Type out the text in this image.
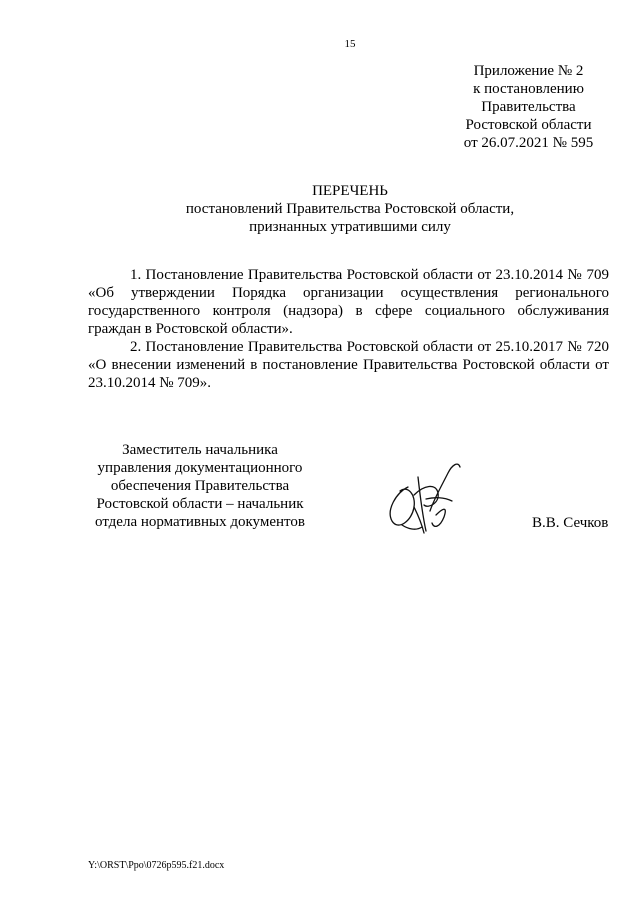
15
Приложение № 2
к постановлению
Правительства
Ростовской области
от 26.07.2021 № 595
ПЕРЕЧЕНЬ
постановлений Правительства Ростовской области,
признанных утратившими силу

1. Постановление Правительства Ростовской области от 23.10.2014 № 709 «Об утверждении Порядка организации осуществления регионального государственного контроля (надзора) в сфере социального обслуживания граждан в Ростовской области».

2. Постановление Правительства Ростовской области от 25.10.2017 № 720 «О внесении изменений в постановление Правительства Ростовской области от 23.10.2014 № 709».

Заместитель начальника
управления документационного
обеспечения Правительства
Ростовской области – начальник
отдела нормативных документов	В.В. Сечков
Y:\ORST\Ppo\0726p595.f21.docx
